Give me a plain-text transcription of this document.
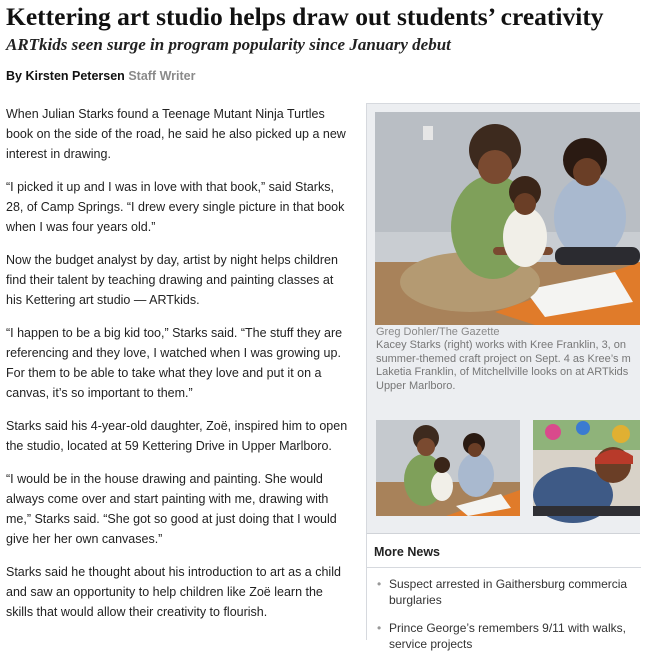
Kettering art studio helps draw out students’ creativity
ARTkids seen surge in program popularity since January debut
By Kirsten Petersen Staff Writer

When Julian Starks found a Teenage Mutant Ninja Turtles
book on the side of the road, he said he also picked up a new
interest in drawing.

“I picked it up and I was in love with that book,” said Starks,
28, of Camp Springs. “I drew every single picture in that book
when I was four years old.”

Now the budget analyst by day, artist by night helps children
find their talent by teaching drawing and painting classes at
his Kettering art studio — ARTkids.

“I happen to be a big kid too,” Starks said. “The stuff they are
referencing and they love, I watched when I was growing up.
For them to be able to take what they love and put it on a
canvas, it’s so important to them.”

Starks said his 4-year-old daughter, Zoë, inspired him to open
the studio, located at 59 Kettering Drive in Upper Marlboro.

“I would be in the house drawing and painting. She would
always come over and start painting with me, drawing with
me,” Starks said. “She got so good at just doing that I would
give her her own canvases.”

Starks said he thought about his introduction to art as a child
and saw an opportunity to help children like Zoë learn the
skills that would allow their creativity to flourish.

Greg Dohler/The Gazette
Kacey Starks (right) works with Kree Franklin, 3, on
summer-themed craft project on Sept. 4 as Kree’s m
Laketia Franklin, of Mitchellville looks on at ARTkids
Upper Marlboro.
More News
• Suspect arrested in Gaithersburg commercia
burglaries
• Prince George’s remembers 9/11 with walks,
service projects
